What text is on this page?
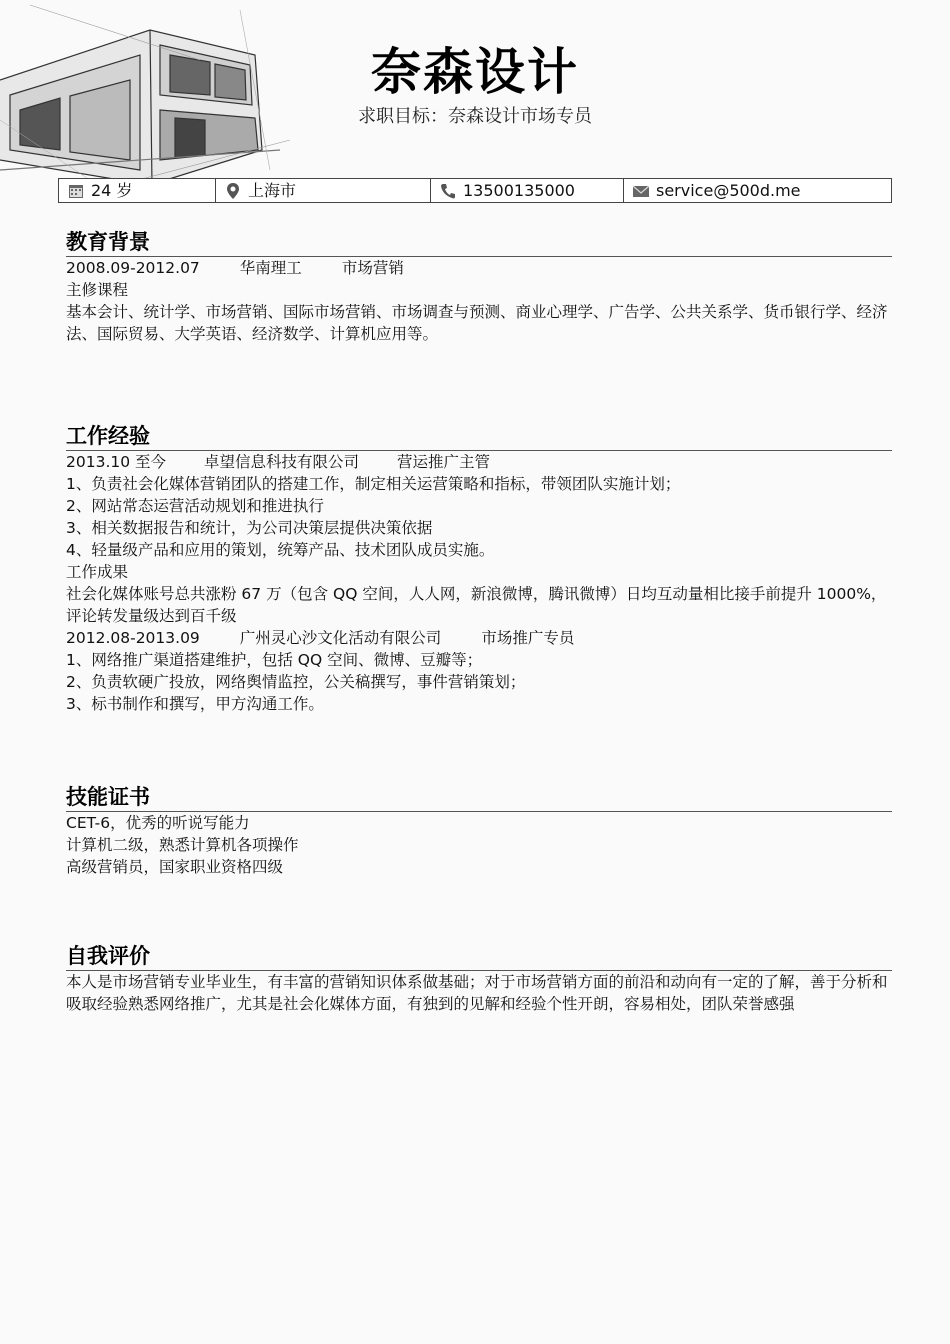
奈森设计
求职目标：奈森设计市场专员
24 岁	上海市	13500135000	service@500d.me
教育背景
2008.09-2012.07	华南理工	市场营销
主修课程
基本会计、统计学、市场营销、国际市场营销、市场调查与预测、商业心理学、广告学、公共关系学、货币银行学、经济法、国际贸易、大学英语、经济数学、计算机应用等。
工作经验
2013.10 至今 卓望信息科技有限公司 营运推广主管
1、负责社会化媒体营销团队的搭建工作，制定相关运营策略和指标，带领团队实施计划；
2、网站常态运营活动规划和推进执行
3、相关数据报告和统计，为公司决策层提供决策依据
4、轻量级产品和应用的策划，统筹产品、技术团队成员实施。
工作成果
社会化媒体账号总共涨粉 67 万（包含 QQ 空间，人人网，新浪微博，腾讯微博）日均互动量相比接手前提升 1000%，评论转发量级达到百千级
2012.08-2013.09	广州灵心沙文化活动有限公司	市场推广专员
1、网络推广渠道搭建维护，包括 QQ 空间、微博、豆瓣等；
2、负责软硬广投放，网络舆情监控，公关稿撰写，事件营销策划；
3、标书制作和撰写，甲方沟通工作。
技能证书
CET-6，优秀的听说写能力
计算机二级，熟悉计算机各项操作
高级营销员，国家职业资格四级
自我评价
本人是市场营销专业毕业生，有丰富的营销知识体系做基础；对于市场营销方面的前沿和动向有一定的了解，善于分析和吸取经验熟悉网络推广，尤其是社会化媒体方面，有独到的见解和经验个性开朗，容易相处，团队荣誉感强
